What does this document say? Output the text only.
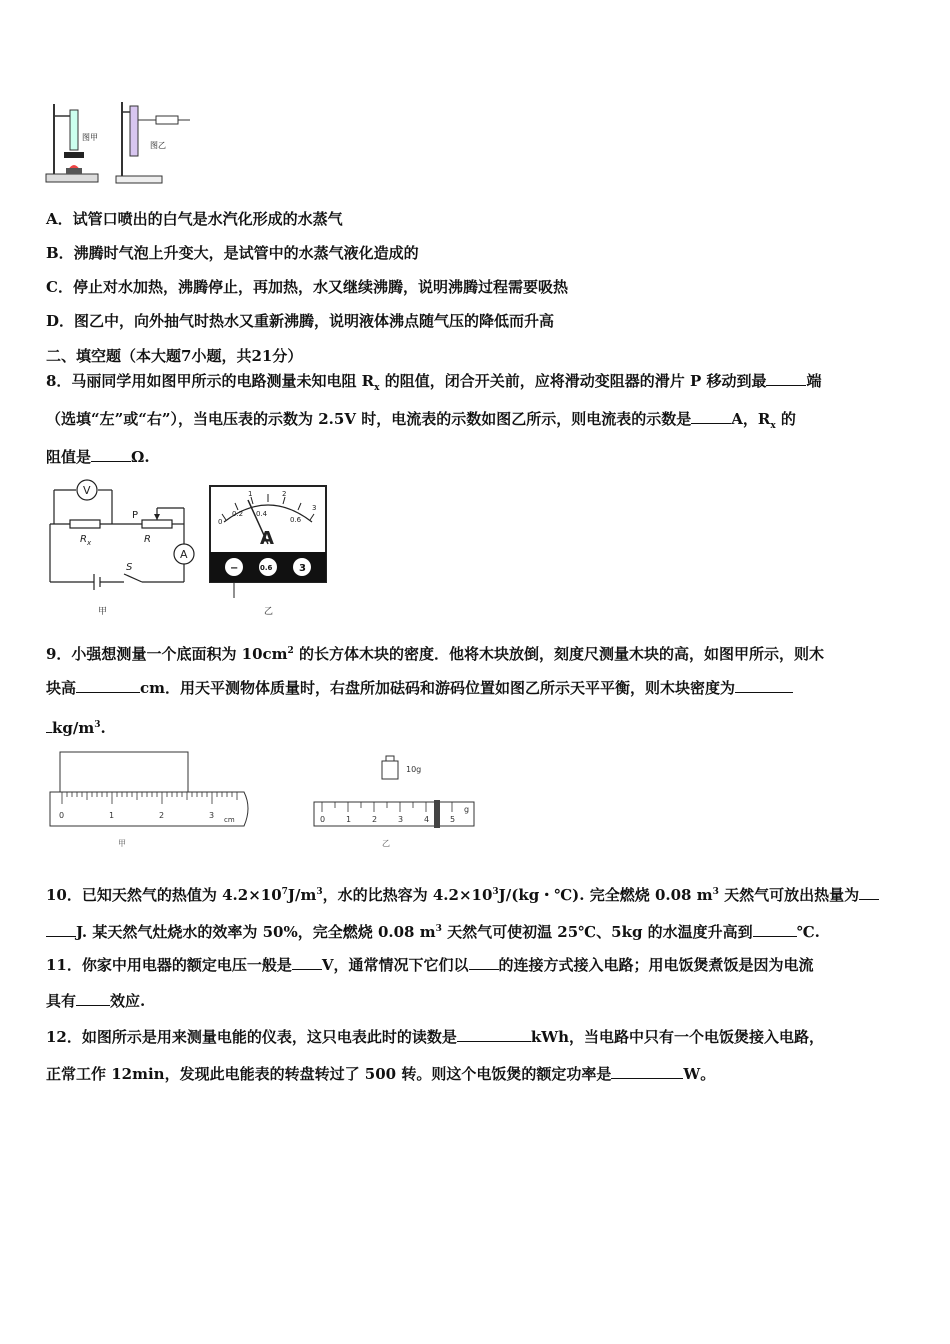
图甲
图乙
A．试管口喷出的白气是水汽化形成的水蒸气
B．沸腾时气泡上升变大，是试管中的水蒸气液化造成的
C．停止对水加热，沸腾停止，再加热，水又继续沸腾，说明沸腾过程需要吸热
D．图乙中，向外抽气时热水又重新沸腾，说明液体沸点随气压的降低而升高
二、填空题（本大题7小题，共21分）
8．马丽同学用如图甲所示的电路测量未知电阻 $R_x$ 的阻值，闭合开关前，应将滑动变阻器的滑片 P 移动到最	端
（选填“左”或“右”），当电压表的示数为 2.5V 时，电流表的示数如图乙所示，则电流表的示数是	A，$R_x$ 的
阻值是	Ω.
V
A
$R_x$	R
P
S
甲
0
0.2 0.4
0.6
1	2
3
A
−	0.6	3
乙
9．小强想测量一个底面积为 $10cm^2$ 的长方体木块的密度．他将木块放倒，刻度尺测量木块的高，如图甲所示，则木
块高	cm．用天平测物体质量时，右盘所加砝码和游码位置如图乙所示天平平衡，则木块密度为
$kg/m^3$.
0	1	2	3 cm
甲
10g
0	1	2	3	4	5
g
乙
10．已知天然气的热值为 $4.2\times 10^7J/m^3$，水的比热容为 $4.2\times 10^3J/(kg$・℃). 完全燃烧 0.08 $m^3$ 天然气可放出热量为
J. 某天然气灶烧水的效率为 50%，完全燃烧 0.08 $m^3$ 天然气可使初温 25℃、5kg 的水温度升高到	℃.
11．你家中用电器的额定电压一般是 V，通常情况下它们以 的连接方式接入电路；用电饭煲煮饭是因为电流
具有 效应.
12．如图所示是用来测量电能的仪表，这只电表此时的读数是	kWh，当电路中只有一个电饭煲接入电路，
正常工作 12min，发现此电能表的转盘转过了 500 转。则这个电饭煲的额定功率是	W。
